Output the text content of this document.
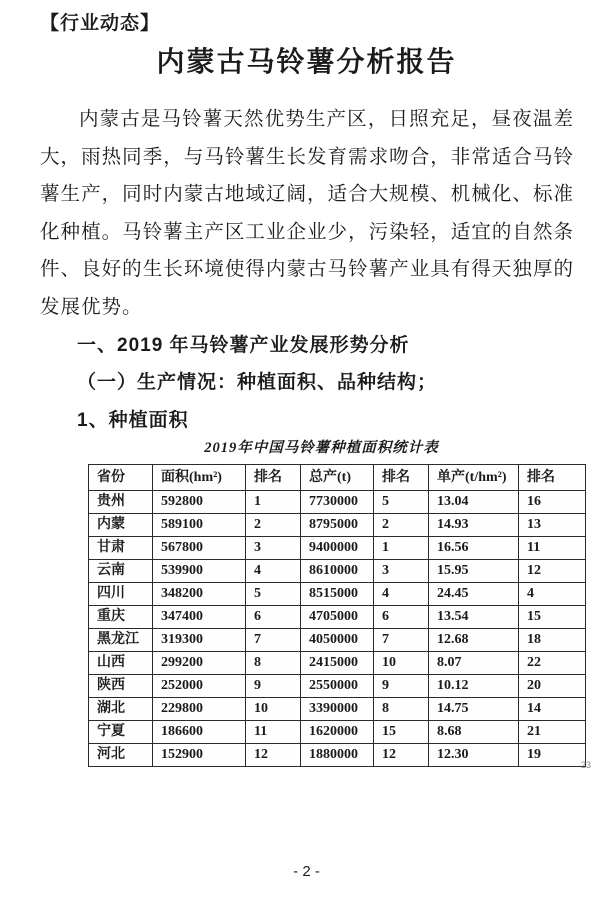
【行业动态】
内蒙古马铃薯分析报告

内蒙古是马铃薯天然优势生产区，日照充足，昼夜温差大，雨热同季，与马铃薯生长发育需求吻合，非常适合马铃薯生产，同时内蒙古地域辽阔，适合大规模、机械化、标准化种植。马铃薯主产区工业企业少，污染轻，适宜的自然条件、良好的生长环境使得内蒙古马铃薯产业具有得天独厚的发展优势。

一、2019 年马铃薯产业发展形势分析

（一）生产情况：种植面积、品种结构；

1、种植面积

2019年中国马铃薯种植面积统计表
省份	面积(hm²)	排名	总产(t)	排名	单产(t/hm²)	排名
贵州	592800	1	7730000	5	13.04	16
内蒙	589100	2	8795000	2	14.93	13
甘肃	567800	3	9400000	1	16.56	11
云南	539900	4	8610000	3	15.95	12
四川	348200	5	8515000	4	24.45	4
重庆	347400	6	4705000	6	13.54	15
黑龙江	319300	7	4050000	7	12.68	18
山西	299200	8	2415000	10	8.07	22
陕西	252000	9	2550000	9	10.12	20
湖北	229800	10	3390000	8	14.75	14
宁夏	186600	11	1620000	15	8.68	21
河北	152900	12	1880000	12	12.30	19
23
- 2 -
